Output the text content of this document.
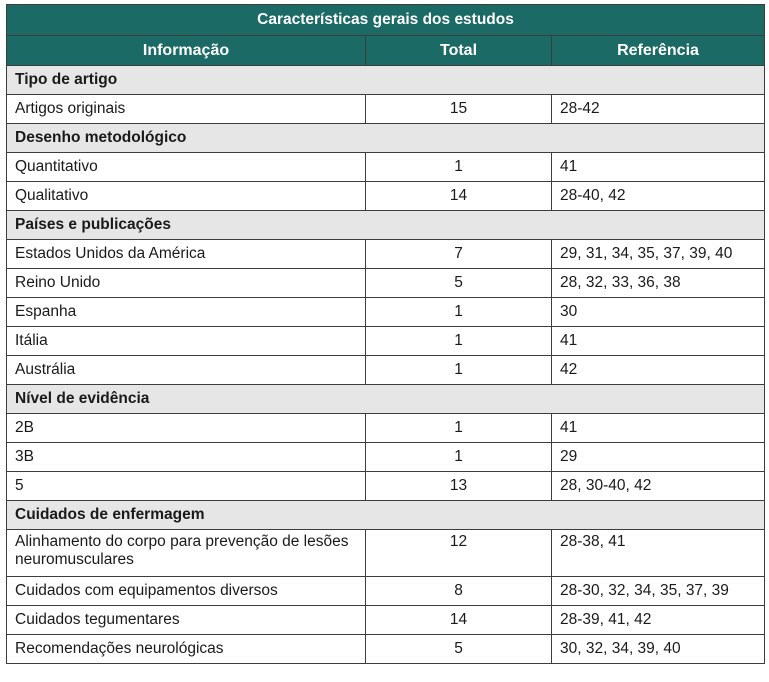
Características gerais dos estudos		
Informação	Total	Referência
Tipo de artigo		
Artigos originais	15	28-42
Desenho metodológico		
Quantitativo	1	41
Qualitativo	14	28-40, 42
Países e publicações		
Estados Unidos da América	7	29, 31, 34, 35, 37, 39, 40
Reino Unido	5	28, 32, 33, 36, 38
Espanha	1	30
Itália	1	41
Austrália	1	42
Nível de evidência		
2B	1	41
3B	1	29
5	13	28, 30-40, 42
Cuidados de enfermagem		
Alinhamento do corpo para prevenção de lesões neuromusculares	12	28-38, 41
Cuidados com equipamentos diversos	8	28-30, 32, 34, 35, 37, 39
Cuidados tegumentares	14	28-39, 41, 42
Recomendações neurológicas	5	30, 32, 34, 39, 40
